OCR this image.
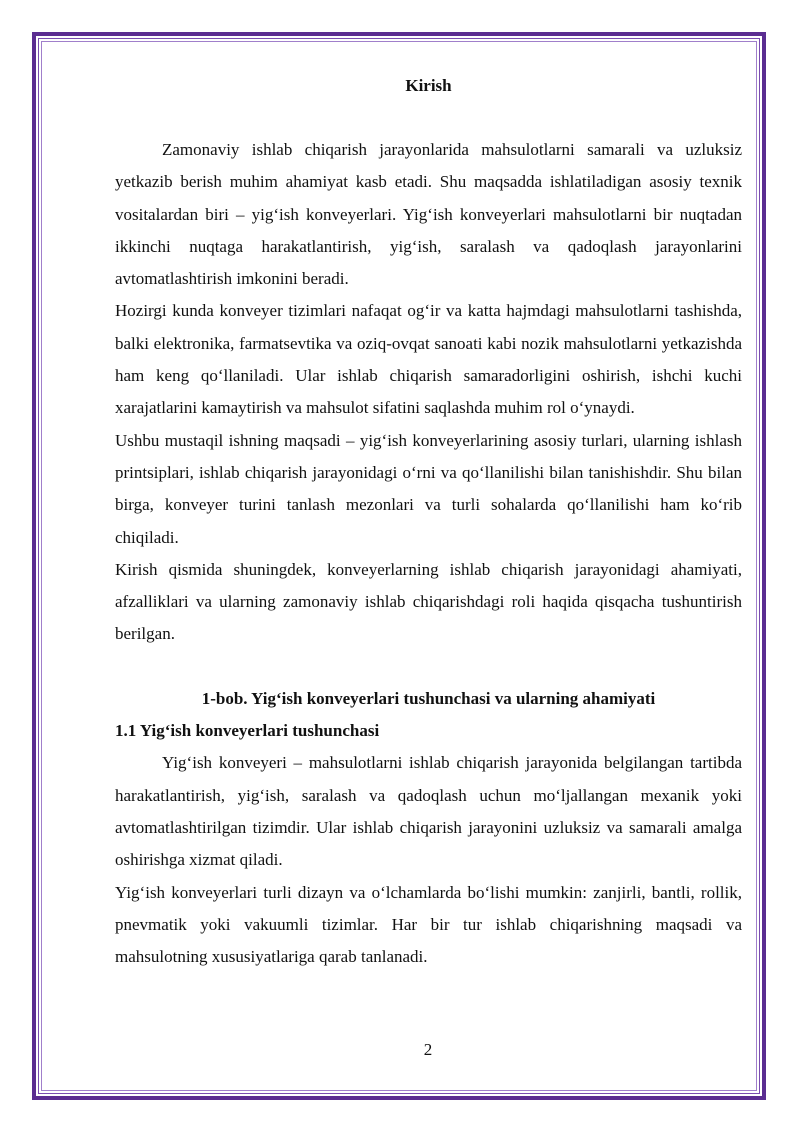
Kirish

Zamonaviy ishlab chiqarish jarayonlarida mahsulotlarni samarali va uzluksiz yetkazib berish muhim ahamiyat kasb etadi. Shu maqsadda ishlatiladigan asosiy texnik vositalardan biri – yig‘ish konveyerlari. Yig‘ish konveyerlari mahsulotlarni bir nuqtadan ikkinchi nuqtaga harakatlantirish, yig‘ish, saralash va qadoqlash jarayonlarini avtomatlashtirish imkonini beradi.

Hozirgi kunda konveyer tizimlari nafaqat og‘ir va katta hajmdagi mahsulotlarni tashishda, balki elektronika, farmatsevtika va oziq-ovqat sanoati kabi nozik mahsulotlarni yetkazishda ham keng qo‘llaniladi. Ular ishlab chiqarish samaradorligini oshirish, ishchi kuchi xarajatlarini kamaytirish va mahsulot sifatini saqlashda muhim rol o‘ynaydi.

Ushbu mustaqil ishning maqsadi – yig‘ish konveyerlarining asosiy turlari, ularning ishlash printsiplari, ishlab chiqarish jarayonidagi o‘rni va qo‘llanilishi bilan tanishishdir. Shu bilan birga, konveyer turini tanlash mezonlari va turli sohalarda qo‘llanilishi ham ko‘rib chiqiladi.

Kirish qismida shuningdek, konveyerlarning ishlab chiqarish jarayonidagi ahamiyati, afzalliklari va ularning zamonaviy ishlab chiqarishdagi roli haqida qisqacha tushuntirish berilgan.

1-bob. Yig‘ish konveyerlari tushunchasi va ularning ahamiyati

1.1 Yig‘ish konveyerlari tushunchasi

Yig‘ish konveyeri – mahsulotlarni ishlab chiqarish jarayonida belgilangan tartibda harakatlantirish, yig‘ish, saralash va qadoqlash uchun mo‘ljallangan mexanik yoki avtomatlashtirilgan tizimdir. Ular ishlab chiqarish jarayonini uzluksiz va samarali amalga oshirishga xizmat qiladi.

Yig‘ish konveyerlari turli dizayn va o‘lchamlarda bo‘lishi mumkin: zanjirli, bantli, rollik, pnevmatik yoki vakuumli tizimlar. Har bir tur ishlab chiqarishning maqsadi va mahsulotning xususiyatlariga qarab tanlanadi.

2
